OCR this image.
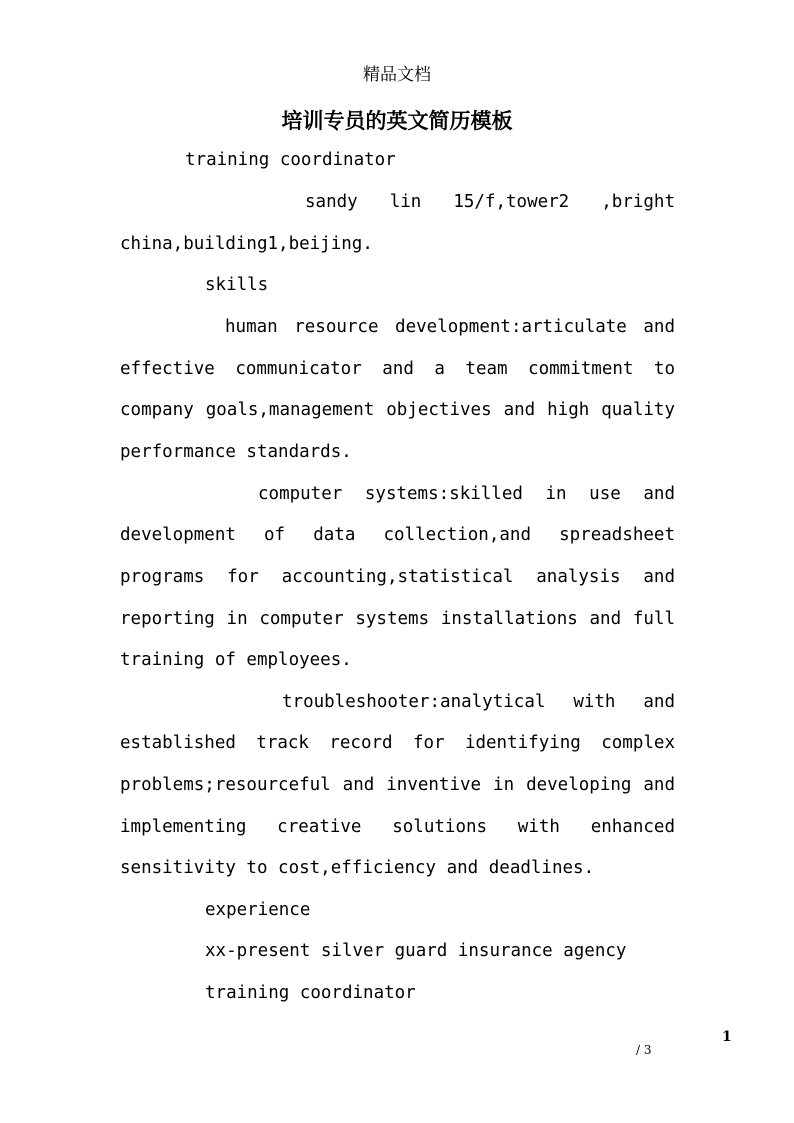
精品文档
培训专员的英文简历模板
training coordinator
sandy lin 15/f,tower2 ,bright
china,building1,beijing.
skills
human resource development:articulate and
effective communicator and a team commitment to
company goals,management objectives and high quality
performance standards.
computer systems:skilled in use and
development of data collection,and spreadsheet
programs for accounting,statistical analysis and
reporting in computer systems installations and full
training of employees.
troubleshooter:analytical with and
established track record for identifying complex
problems;resourceful and inventive in developing and
implementing creative solutions with enhanced
sensitivity to cost,efficiency and deadlines.
experience
xx-present silver guard insurance agency
training coordinator
1
/ 3
